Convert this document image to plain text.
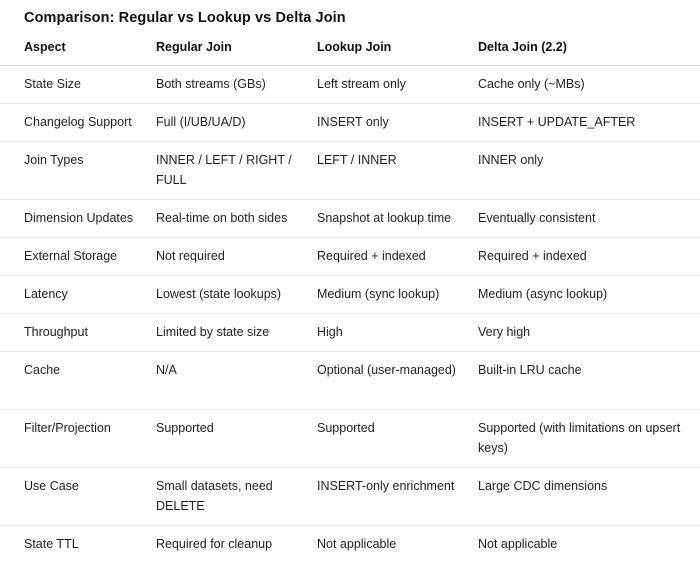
Comparison: Regular vs Lookup vs Delta Join
Aspect	Regular Join	Lookup Join	Delta Join (2.2)
State Size	Both streams (GBs)	Left stream only	Cache only (~MBs)
Changelog Support	Full (I/UB/UA/D)	INSERT only	INSERT + UPDATE_AFTER
Join Types	INNER / LEFT / RIGHT / FULL	LEFT / INNER	INNER only
Dimension Updates	Real-time on both sides	Snapshot at lookup time	Eventually consistent
External Storage	Not required	Required + indexed	Required + indexed
Latency	Lowest (state lookups)	Medium (sync lookup)	Medium (async lookup)
Throughput	Limited by state size	High	Very high
Cache	N/A	Optional (user-managed)	Built-in LRU cache
Filter/Projection	Supported	Supported	Supported (with limitations on upsert keys)
Use Case	Small datasets, need DELETE	INSERT-only enrichment	Large CDC dimensions
State TTL	Required for cleanup	Not applicable	Not applicable
